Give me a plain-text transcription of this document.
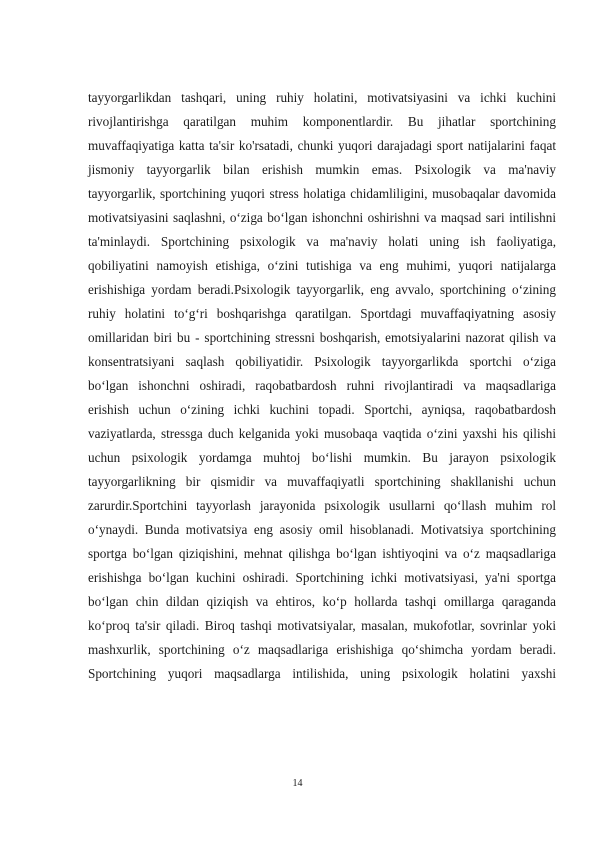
tayyorgarlikdan tashqari, uning ruhiy holatini, motivatsiyasini va ichki kuchini rivojlantirishga qaratilgan muhim komponentlardir. Bu jihatlar sportchining muvaffaqiyatiga katta ta'sir ko'rsatadi, chunki yuqori darajadagi sport natijalarini faqat jismoniy tayyorgarlik bilan erishish mumkin emas. Psixologik va ma'naviy tayyorgarlik, sportchining yuqori stress holatiga chidamliligini, musobaqalar davomida motivatsiyasini saqlashni, o‘ziga bo‘lgan ishonchni oshirishni va maqsad sari intilishni ta'minlaydi. Sportchining psixologik va ma'naviy holati uning ish faoliyatiga, qobiliyatini namoyish etishiga, o‘zini tutishiga va eng muhimi, yuqori natijalarga erishishiga yordam beradi.Psixologik tayyorgarlik, eng avvalo, sportchining o‘zining ruhiy holatini to‘g‘ri boshqarishga qaratilgan. Sportdagi muvaffaqiyatning asosiy omillaridan biri bu - sportchining stressni boshqarish, emotsiyalarini nazorat qilish va konsentratsiyani saqlash qobiliyatidir. Psixologik tayyorgarlikda sportchi o‘ziga bo‘lgan ishonchni oshiradi, raqobatbardosh ruhni rivojlantiradi va maqsadlariga erishish uchun o‘zining ichki kuchini topadi. Sportchi, ayniqsa, raqobatbardosh vaziyatlarda, stressga duch kelganida yoki musobaqa vaqtida o‘zini yaxshi his qilishi uchun psixologik yordamga muhtoj bo‘lishi mumkin. Bu jarayon psixologik tayyorgarlikning bir qismidir va muvaffaqiyatli sportchining shakllanishi uchun zarurdir.Sportchini tayyorlash jarayonida psixologik usullarni qo‘llash muhim rol o‘ynaydi. Bunda motivatsiya eng asosiy omil hisoblanadi. Motivatsiya sportchining sportga bo‘lgan qiziqishini, mehnat qilishga bo‘lgan ishtiyoqini va o‘z maqsadlariga erishishga bo‘lgan kuchini oshiradi. Sportchining ichki motivatsiyasi, ya'ni sportga bo‘lgan chin dildan qiziqish va ehtiros, ko‘p hollarda tashqi omillarga qaraganda ko‘proq ta'sir qiladi. Biroq tashqi motivatsiyalar, masalan, mukofotlar, sovrinlar yoki mashxurlik, sportchining o‘z maqsadlariga erishishiga qo‘shimcha yordam beradi. Sportchining yuqori maqsadlarga intilishida, uning psixologik holatini yaxshi

14
